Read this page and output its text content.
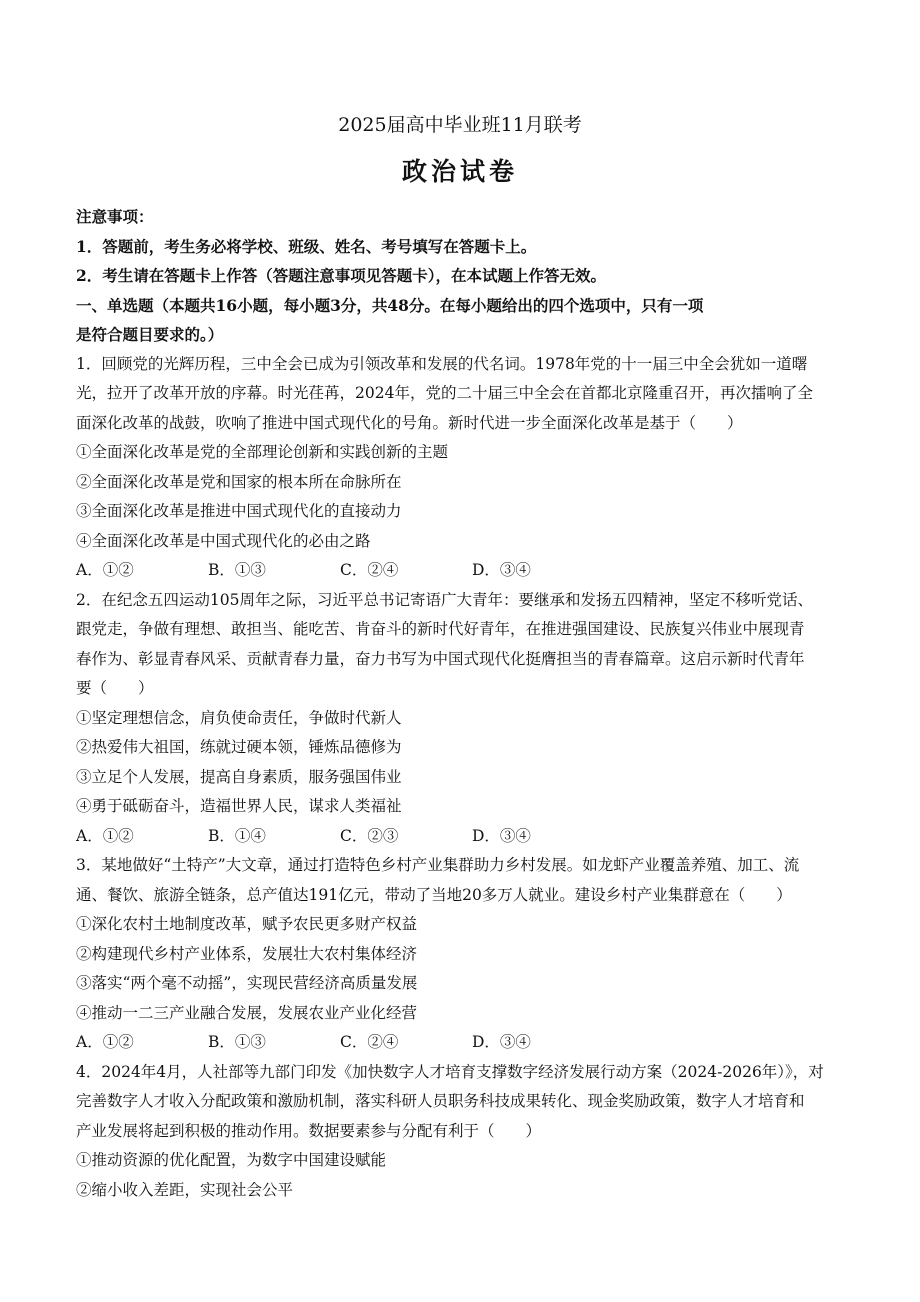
2025届高中毕业班11月联考
政治试卷
注意事项：
1．答题前，考生务必将学校、班级、姓名、考号填写在答题卡上。
2．考生请在答题卡上作答（答题注意事项见答题卡），在本试题上作答无效。
一、单选题（本题共16小题，每小题3分，共48分。在每小题给出的四个选项中，只有一项
是符合题目要求的。）
1．回顾党的光辉历程，三中全会已成为引领改革和发展的代名词。1978年党的十一届三中全会犹如一道曙
光，拉开了改革开放的序幕。时光荏苒，2024年，党的二十届三中全会在首都北京隆重召开，再次擂响了全
面深化改革的战鼓，吹响了推进中国式现代化的号角。新时代进一步全面深化改革是基于（　　）
①全面深化改革是党的全部理论创新和实践创新的主题
②全面深化改革是党和国家的根本所在命脉所在
③全面深化改革是推进中国式现代化的直接动力
④全面深化改革是中国式现代化的必由之路
A．①②	B．①③	C．②④	D．③④
2．在纪念五四运动105周年之际，习近平总书记寄语广大青年：要继承和发扬五四精神，坚定不移听党话、
跟党走，争做有理想、敢担当、能吃苦、肯奋斗的新时代好青年，在推进强国建设、民族复兴伟业中展现青
春作为、彰显青春风采、贡献青春力量，奋力书写为中国式现代化挺膺担当的青春篇章。这启示新时代青年
要（　　）
①坚定理想信念，肩负使命责任，争做时代新人
②热爱伟大祖国，练就过硬本领，锤炼品德修为
③立足个人发展，提高自身素质，服务强国伟业
④勇于砥砺奋斗，造福世界人民，谋求人类福祉
A．①②	B．①④	C．②③	D．③④
3．某地做好“土特产”大文章，通过打造特色乡村产业集群助力乡村发展。如龙虾产业覆盖养殖、加工、流
通、餐饮、旅游全链条，总产值达191亿元，带动了当地20多万人就业。建设乡村产业集群意在（　　）
①深化农村土地制度改革，赋予农民更多财产权益
②构建现代乡村产业体系，发展壮大农村集体经济
③落实“两个毫不动摇”，实现民营经济高质量发展
④推动一二三产业融合发展，发展农业产业化经营
A．①②	B．①③	C．②④	D．③④
4．2024年4月，人社部等九部门印发《加快数字人才培育支撑数字经济发展行动方案（2024-2026年）》，对
完善数字人才收入分配政策和激励机制，落实科研人员职务科技成果转化、现金奖励政策，数字人才培育和
产业发展将起到积极的推动作用。数据要素参与分配有利于（　　）
①推动资源的优化配置，为数字中国建设赋能
②缩小收入差距，实现社会公平
